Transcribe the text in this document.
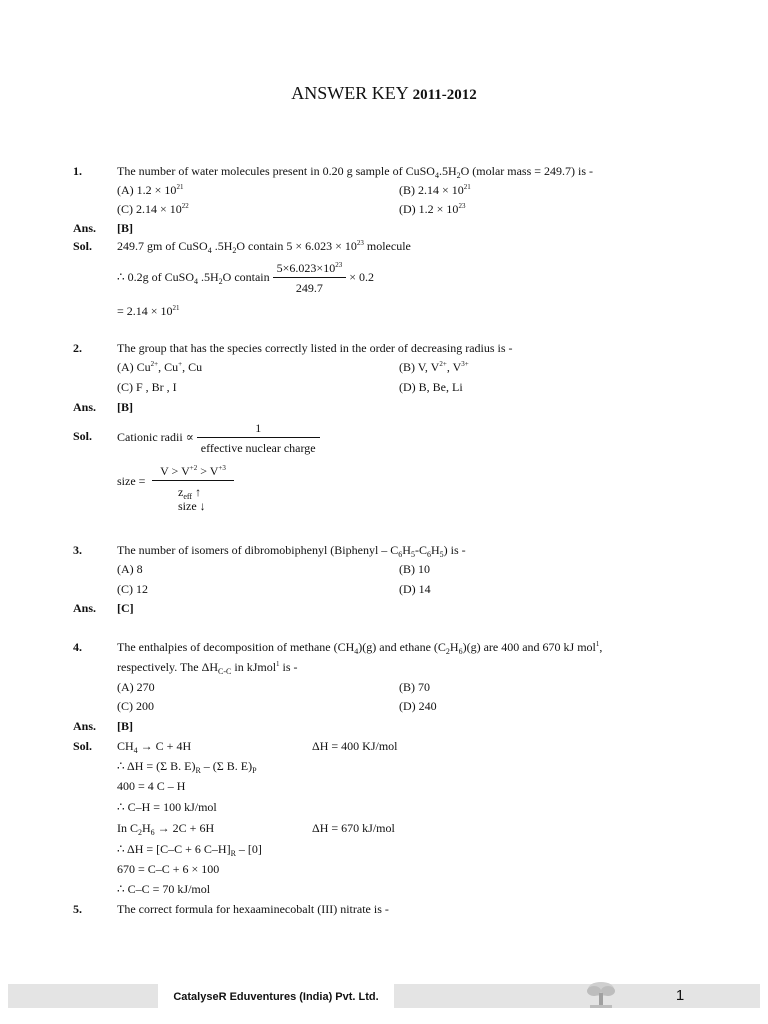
ANSWER KEY 2011-2012
1.	The number of water molecules present in 0.20 g sample of $CuSO_4.5H_2O$ (molar mass = 249.7) is -
(A) $1.2 \times 10^{21}$	(B) $2.14 \times 10^{21}$
(C) $2.14 \times 10^{22}$	(D) $1.2 \times 10^{23}$
Ans. [B]
Sol. 249.7 gm of CuSO$_4$ $.5H_2O$ contain $5 \times 6.023 \times 10^{23}$ molecule
∴ 0.2g of CuSO$_4$ $.5H_2O$ contain $\frac{5\times 6.023\times 10^{23}}{249.7} \times 0.2$
= $2.14 \times 10^{21}$
2.	The group that has the species correctly listed in the order of decreasing radius is -
(A) $Cu^{2+}$, Cu+, Cu	(B) V, $V^{2+}$, $V^{3+}$
(C) F , Br , I	(D) B, Be, Li
Ans. [B]
Sol. Cationic radii ∝
1
effective nuclear charge
size =
$V > V^{+2} > V^{+3}$
$z_{eff}$ ↑
size ↓
3.	The number of isomers of dibromobiphenyl (Biphenyl – $C_6H_5-C_6H_5$) is -
(A) 8	(B) 10
(C) 12	(D) 14
Ans. [C]
4.	The enthalpies of decomposition of methane $(CH_4)(g)$ and ethane $(C_2H_6)(g)$ are 400 and 670 kJ mol$^1$,
respectively. The $\Delta H_{C-C}$ in kJmol$^1$ is -
(A) 270	(B) 70
(C) 200	(D) 240
Ans. [B]
Sol. $CH_4 \to C + 4H$	ΔH = 400 KJ/mol
∴ ΔH = (Σ B. $E)_R - (\Sigma$ B. $E)_P$
400 = 4 C – H
∴ C–H = 100 kJ/mol
In $C_2H_6 \to 2C + 6H$	ΔH = 670 kJ/mol
∴ ΔH = [C–C + 6 $C-H]_R - [0]$
670 = C–C + 6 × 100
∴ C–C = 70 kJ/mol
5.	The correct formula for hexaaminecobalt (III) nitrate is -
CatalyseR Eduventures (India) Pvt. Ltd.	1
